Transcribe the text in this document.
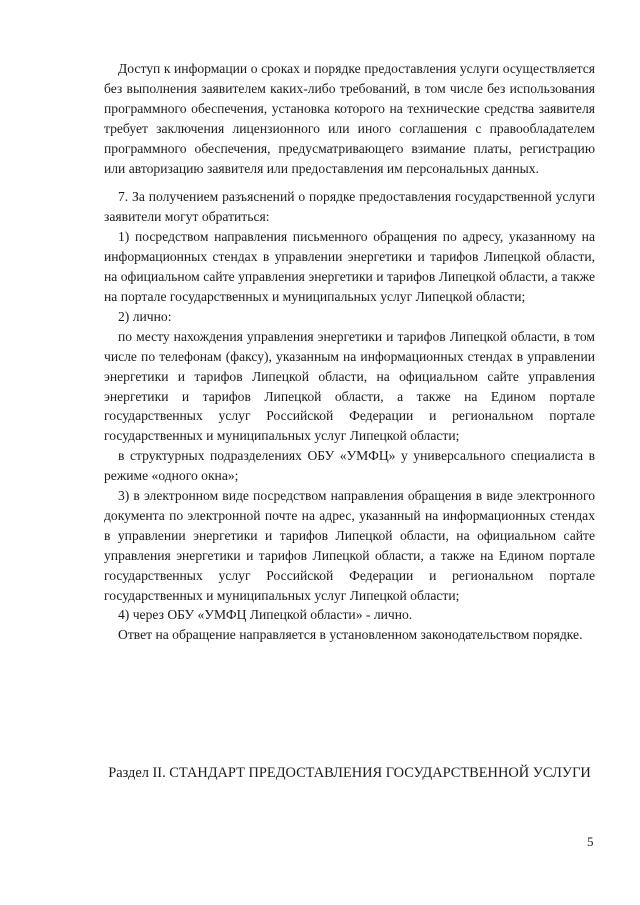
Доступ к информации о сроках и порядке предоставления услуги осуществляется без выполнения заявителем каких-либо требований, в том числе без использования программного обеспечения, установка которого на технические средства заявителя требует заключения лицензионного или иного соглашения с правообладателем программного обеспечения, предусматривающего взимание платы, регистрацию или авторизацию заявителя или предоставления им персональных данных.

7. За получением разъяснений о порядке предоставления государственной услуги заявители могут обратиться:

1) посредством направления письменного обращения по адресу, указанному на информационных стендах в управлении энергетики и тарифов Липецкой области, на официальном сайте управления энергетики и тарифов Липецкой области, а также на портале государственных и муниципальных услуг Липецкой области;

2) лично:

по месту нахождения управления энергетики и тарифов Липецкой области, в том числе по телефонам (факсу), указанным на информационных стендах в управлении энергетики и тарифов Липецкой области, на официальном сайте управления энергетики и тарифов Липецкой области, а также на Едином портале государственных услуг Российской Федерации и региональном портале государственных и муниципальных услуг Липецкой области;

в структурных подразделениях ОБУ «УМФЦ» у универсального специалиста в режиме «одного окна»;

3) в электронном виде посредством направления обращения в виде электронного документа по электронной почте на адрес, указанный на информационных стендах в управлении энергетики и тарифов Липецкой области, на официальном сайте управления энергетики и тарифов Липецкой области, а также на Едином портале государственных услуг Российской Федерации и региональном портале государственных и муниципальных услуг Липецкой области;

4) через ОБУ «УМФЦ Липецкой области» - лично.

Ответ на обращение направляется в установленном законодательством порядке.

Раздел II. СТАНДАРТ ПРЕДОСТАВЛЕНИЯ ГОСУДАРСТВЕННОЙ УСЛУГИ
5
